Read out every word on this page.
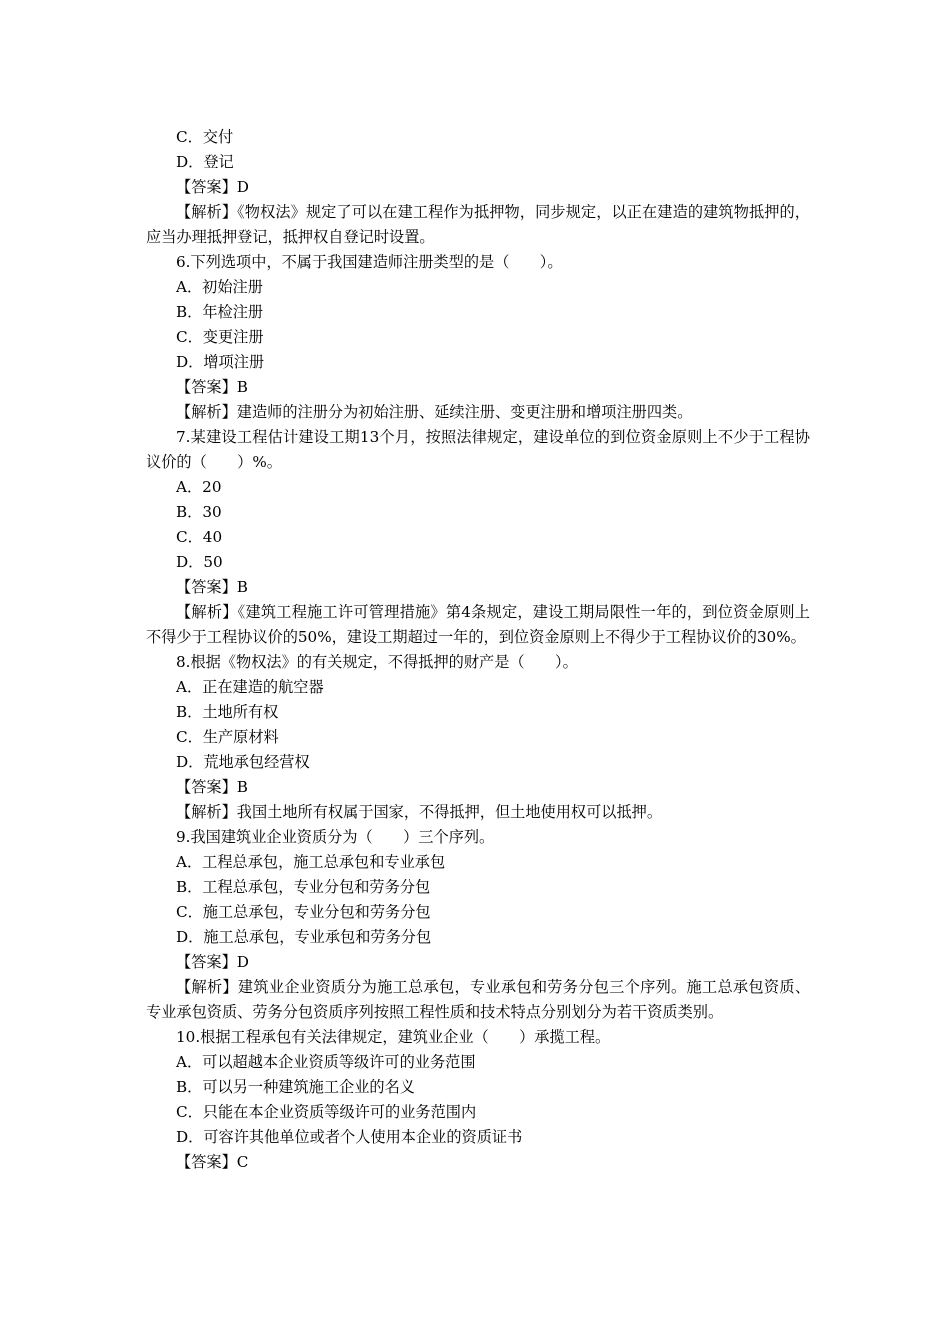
C．交付
D．登记
【答案】D
【解析】《物权法》规定了可以在建工程作为抵押物，同步规定，以正在建造的建筑物抵押的，应当办理抵押登记，抵押权自登记时设置。
6.下列选项中，不属于我国建造师注册类型的是（　　）。
A．初始注册
B．年检注册
C．变更注册
D．增项注册
【答案】B
【解析】建造师的注册分为初始注册、延续注册、变更注册和增项注册四类。
7.某建设工程估计建设工期13个月，按照法律规定，建设单位的到位资金原则上不少于工程协议价的（　　）%。
A．20
B．30
C．40
D．50
【答案】B
【解析】《建筑工程施工许可管理措施》第4条规定，建设工期局限性一年的，到位资金原则上不得少于工程协议价的50%，建设工期超过一年的，到位资金原则上不得少于工程协议价的30%。
8.根据《物权法》的有关规定，不得抵押的财产是（　　）。
A．正在建造的航空器
B．土地所有权
C．生产原材料
D．荒地承包经营权
【答案】B
【解析】我国土地所有权属于国家，不得抵押，但土地使用权可以抵押。
9.我国建筑业企业资质分为（　　）三个序列。
A．工程总承包，施工总承包和专业承包
B．工程总承包，专业分包和劳务分包
C．施工总承包，专业分包和劳务分包
D．施工总承包，专业承包和劳务分包
【答案】D
【解析】建筑业企业资质分为施工总承包，专业承包和劳务分包三个序列。施工总承包资质、专业承包资质、劳务分包资质序列按照工程性质和技术特点分别划分为若干资质类别。
10.根据工程承包有关法律规定，建筑业企业（　　）承揽工程。
A．可以超越本企业资质等级许可的业务范围
B．可以另一种建筑施工企业的名义
C．只能在本企业资质等级许可的业务范围内
D．可容许其他单位或者个人使用本企业的资质证书
【答案】C
